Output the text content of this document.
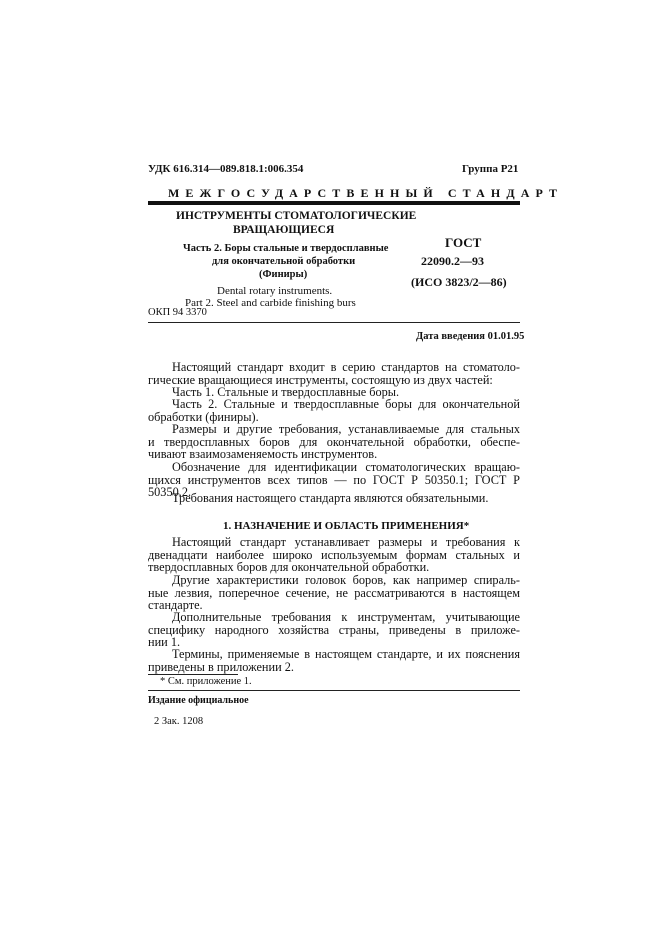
УДК 616.314—089.818.1:006.354	Группа Р21
МЕЖГОСУДАРСТВЕННЫЙ СТАНДАРТ
ИНСТРУМЕНТЫ СТОМАТОЛОГИЧЕСКИЕ
ВРАЩАЮЩИЕСЯ
Часть 2. Боры стальные и твердосплавные
для окончательной обработки
(Финиры)
Dental rotary instruments.
Part 2. Steel and carbide finishing burs
ГОСТ
22090.2—93
(ИСО 3823/2—86)
ОКП 94 3370
Дата введения 01.01.95
Настоящий стандарт входит в серию стандартов на стоматоло-
гические вращающиеся инструменты, состоящую из двух частей:
Часть 1. Стальные и твердосплавные боры.
Часть 2. Стальные и твердосплавные боры для окончательной
обработки (финиры).
Размеры и другие требования, устанавливаемые для стальных
и твердосплавных боров для окончательной обработки, обеспе-
чивают взаимозаменяемость инструментов.
Обозначение для идентификации стоматологических вращаю-
щихся инструментов всех типов — по ГОСТ Р 50350.1; ГОСТ Р
50350.2.
Требования настоящего стандарта являются обязательными.
1. НАЗНАЧЕНИЕ И ОБЛАСТЬ ПРИМЕНЕНИЯ*
Настоящий стандарт устанавливает размеры и требования к
двенадцати наиболее широко используемым формам стальных и
твердосплавных боров для окончательной обработки.
Другие характеристики головок боров, как например спираль-
ные лезвия, поперечное сечение, не рассматриваются в настоящем
стандарте.
Дополнительные требования к инструментам, учитывающие
специфику народного хозяйства страны, приведены в приложе-
нии 1.
Термины, применяемые в настоящем стандарте, и их пояснения
приведены в приложении 2.
* См. приложение 1.
Издание официальное
2 Зак. 1208
